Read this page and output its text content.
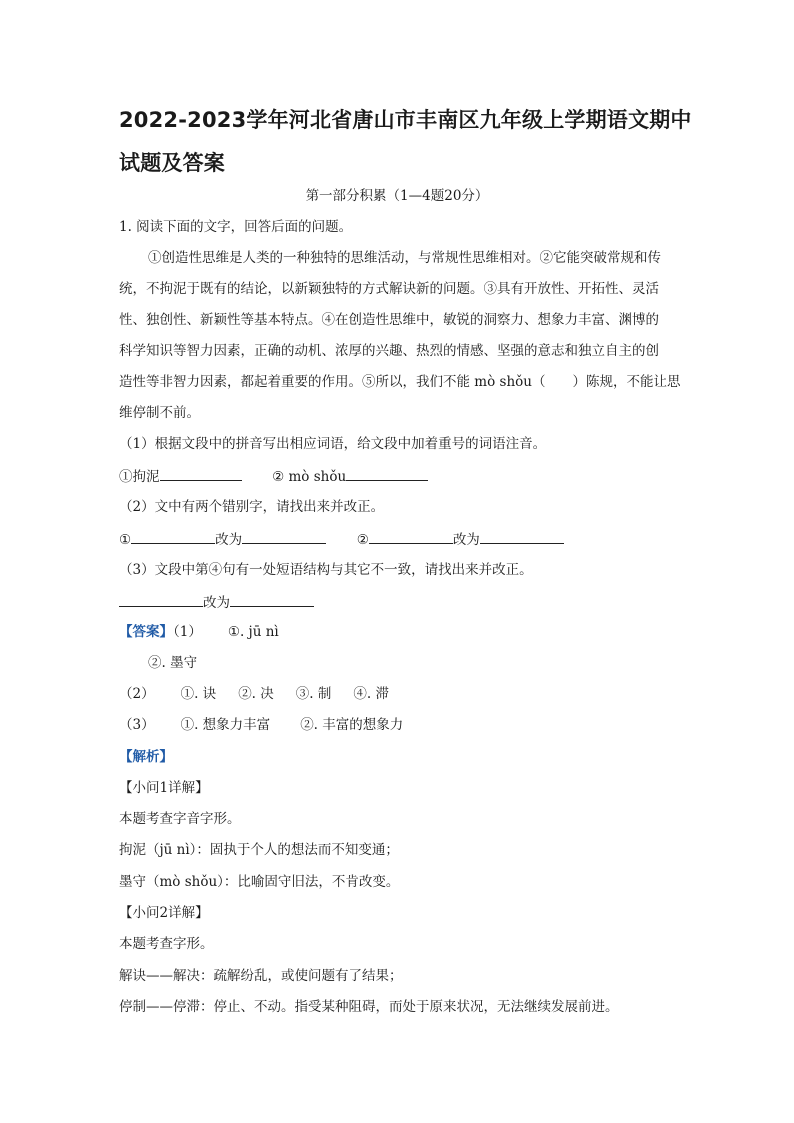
2022-2023学年河北省唐山市丰南区九年级上学期语文期中
试题及答案
第一部分积累（1—4题20分）
1. 阅读下面的文字，回答后面的问题。
①创造性思维是人类的一种独特的思维活动，与常规性思维相对。②它能突破常规和传
统，不拘泥于既有的结论，以新颖独特的方式解诀新的问题。③具有开放性、开拓性、灵活
性、独创性、新颖性等基本特点。④在创造性思维中，敏锐的洞察力、想象力丰富、渊博的
科学知识等智力因素，正确的动机、浓厚的兴趣、热烈的情感、坚强的意志和独立自主的创
造性等非智力因素，都起着重要的作用。⑤所以，我们不能 mò shǒu（　　）陈规，不能让思
维停制不前。
（1）根据文段中的拼音写出相应词语，给文段中加着重号的词语注音。
①拘泥	② mò shǒu
（2）文中有两个错别字，请找出来并改正。
①	改为	②	改为
（3）文段中第④句有一处短语结构与其它不一致，请找出来并改正。
改为
【答案】（1） ①. jū nì
②. 墨守
（2） ①. 诀 ②. 决 ③. 制 ④. 滞
（3） ①. 想象力丰富 ②. 丰富的想象力
【解析】
【小问1详解】
本题考查字音字形。
拘泥（jū nì）：固执于个人的想法而不知变通；
墨守（mò shǒu）：比喻固守旧法，不肯改变。
【小问2详解】
本题考查字形。
解诀——解决：疏解纷乱，或使问题有了结果；
停制——停滞：停止、不动。指受某种阻碍，而处于原来状况，无法继续发展前进。
